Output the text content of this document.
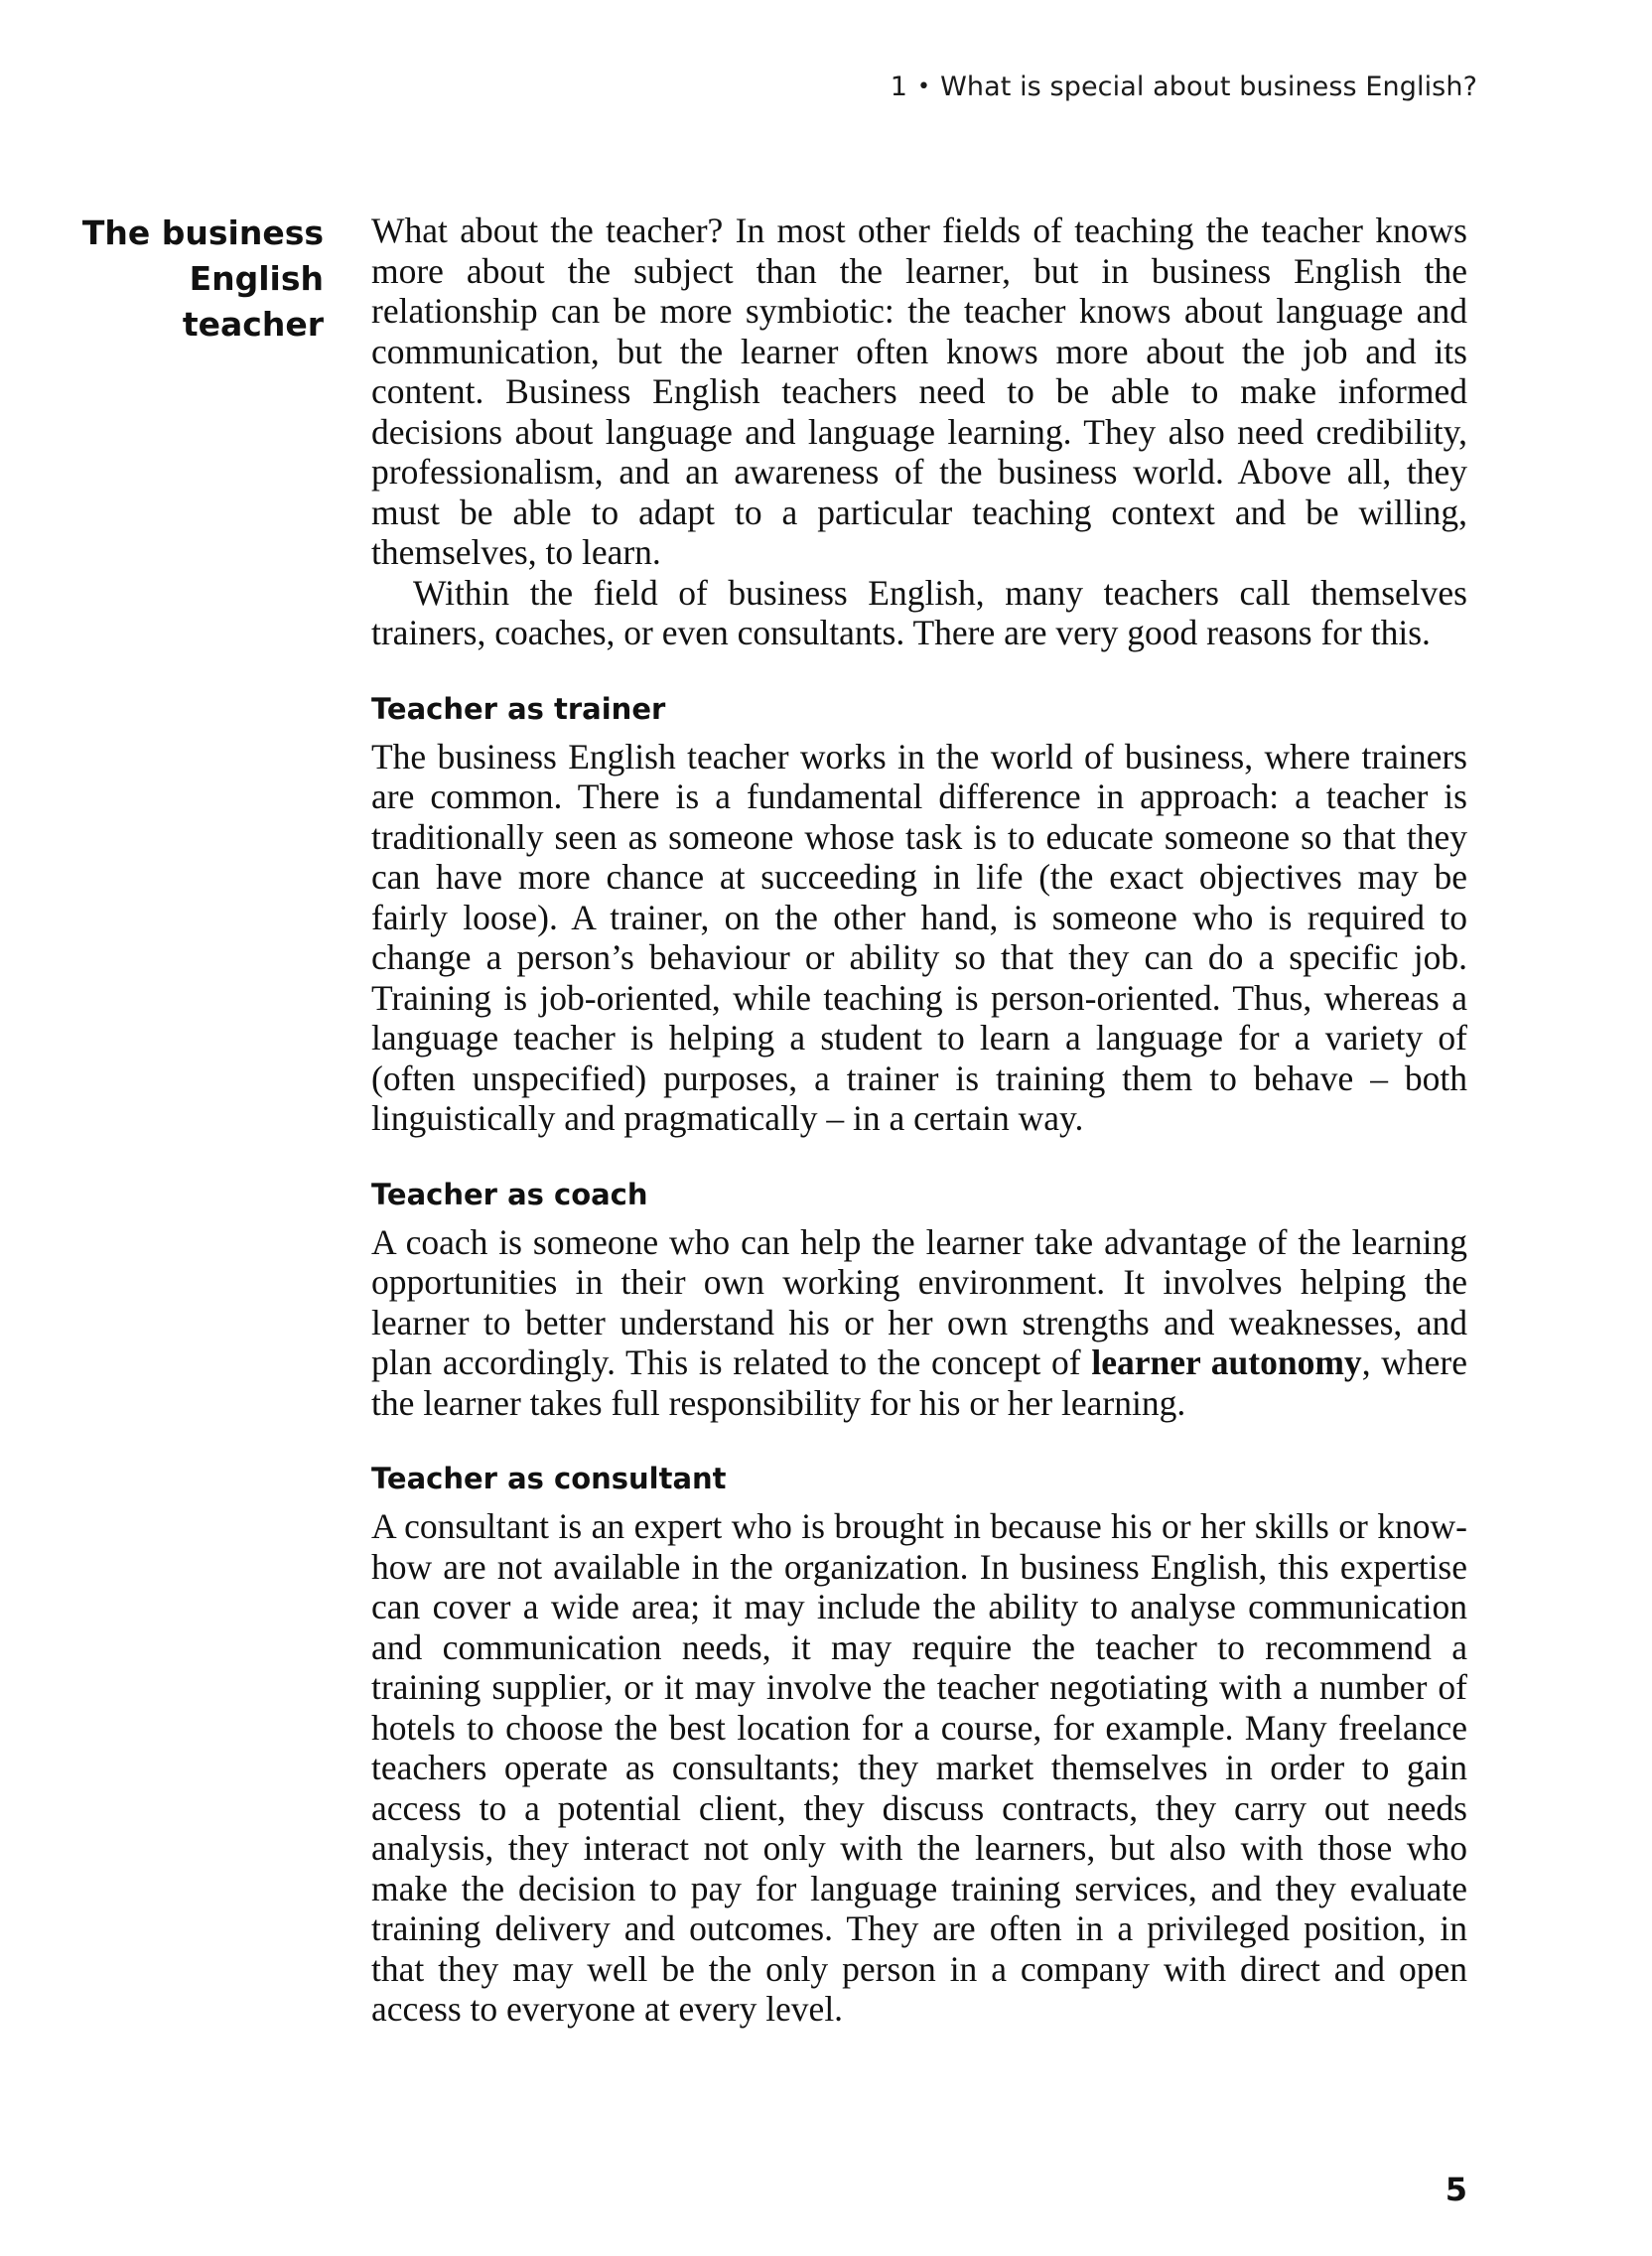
1 • What is special about business English?
The business
English teacher

What about the teacher? In most other fields of teaching the teacher knows more about the subject than the learner, but in business English the relationship can be more symbiotic: the teacher knows about language and communication, but the learner often knows more about the job and its content. Business English teachers need to be able to make informed decisions about language and language learning. They also need credibility, professionalism, and an awareness of the business world. Above all, they must be able to adapt to a particular teaching context and be willing, themselves, to learn.

Within the field of business English, many teachers call themselves trainers, coaches, or even consultants. There are very good reasons for this.

Teacher as trainer

The business English teacher works in the world of business, where trainers are common. There is a fundamental difference in approach: a teacher is traditionally seen as someone whose task is to educate someone so that they can have more chance at succeeding in life (the exact objectives may be fairly loose). A trainer, on the other hand, is someone who is required to change a person’s behaviour or ability so that they can do a specific job. Training is job-oriented, while teaching is person-oriented. Thus, whereas a language teacher is helping a student to learn a language for a variety of (often unspecified) purposes, a trainer is training them to behave – both linguistically and pragmatically – in a certain way.

Teacher as coach

A coach is someone who can help the learner take advantage of the learning opportunities in their own working environment. It involves helping the learner to better understand his or her own strengths and weaknesses, and plan accordingly. This is related to the concept of learner autonomy, where the learner takes full responsibility for his or her learning.

Teacher as consultant

A consultant is an expert who is brought in because his or her skills or know-how are not available in the organization. In business English, this expertise can cover a wide area; it may include the ability to analyse communication and communication needs, it may require the teacher to recommend a training supplier, or it may involve the teacher negotiating with a number of hotels to choose the best location for a course, for example. Many freelance teachers operate as consultants; they market themselves in order to gain access to a potential client, they discuss contracts, they carry out needs analysis, they interact not only with the learners, but also with those who make the decision to pay for language training services, and they evaluate training delivery and outcomes. They are often in a privileged position, in that they may well be the only person in a company with direct and open access to everyone at every level.

5
